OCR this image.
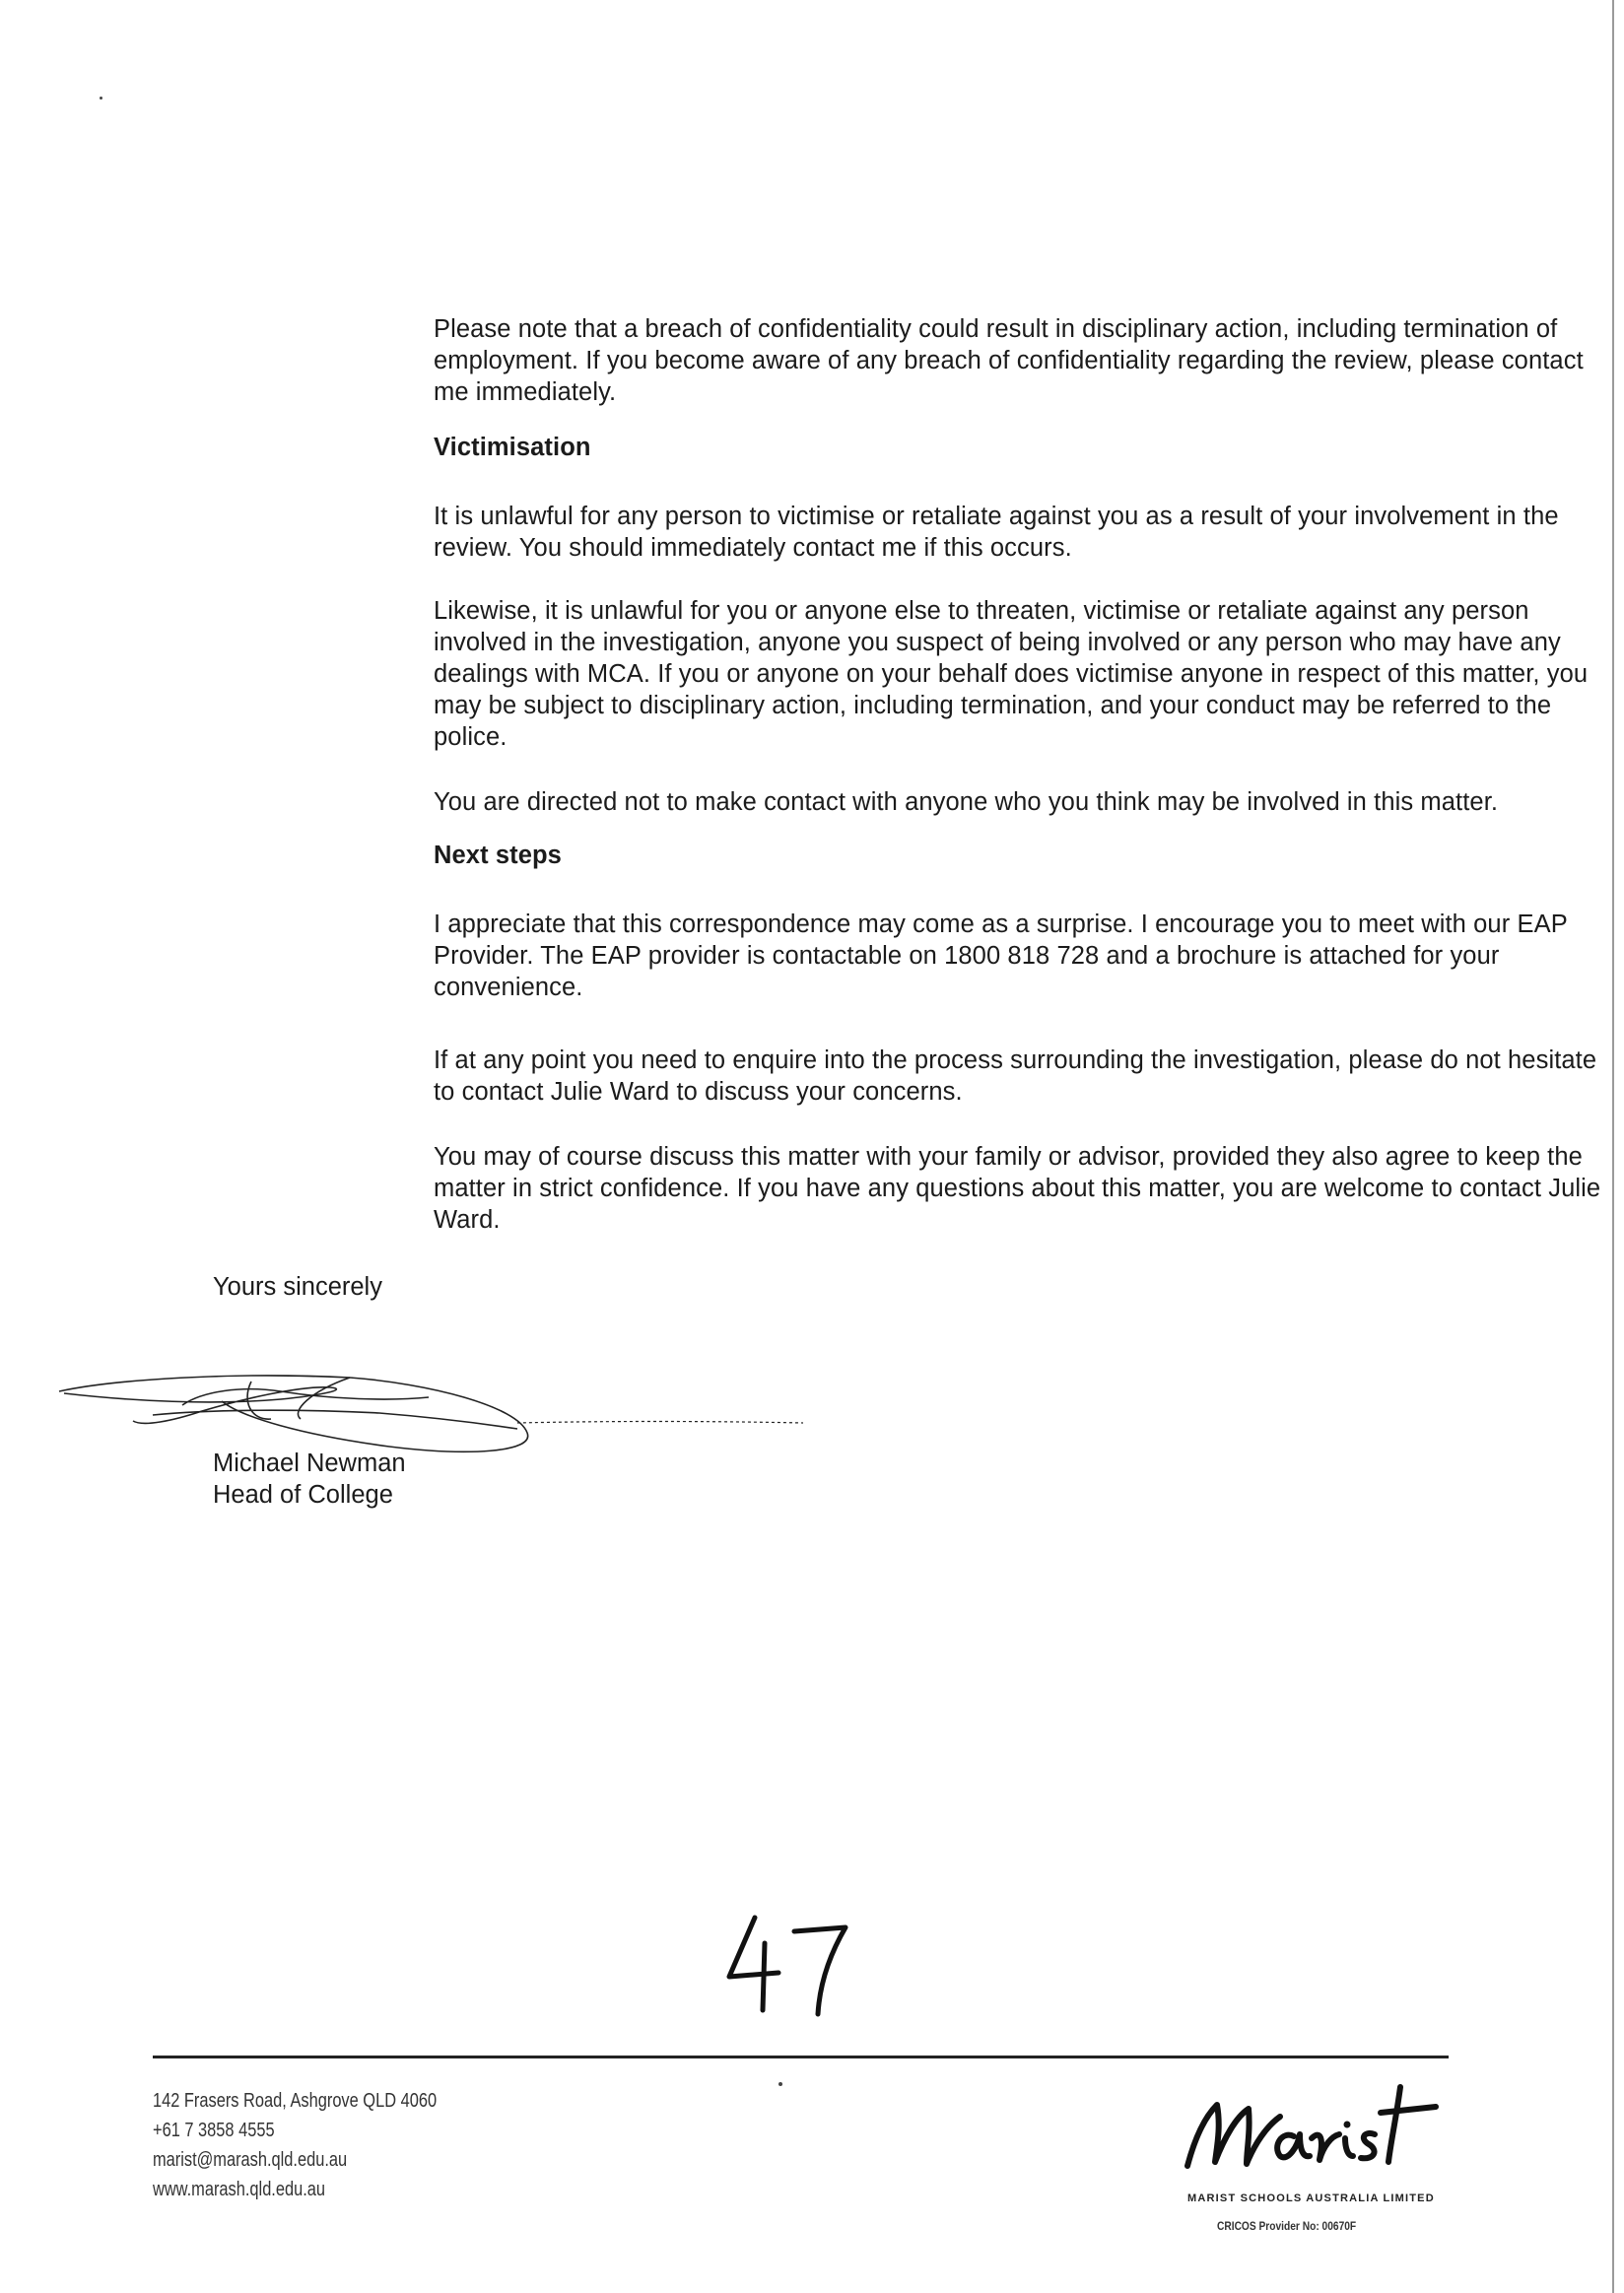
Please note that a breach of confidentiality could result in disciplinary action, including termination of employment. If you become aware of any breach of confidentiality regarding the review, please contact me immediately.

Victimisation

It is unlawful for any person to victimise or retaliate against you as a result of your involvement in the review. You should immediately contact me if this occurs.

Likewise, it is unlawful for you or anyone else to threaten, victimise or retaliate against any person involved in the investigation, anyone you suspect of being involved or any person who may have any dealings with MCA. If you or anyone on your behalf does victimise anyone in respect of this matter, you may be subject to disciplinary action, including termination, and your conduct may be referred to the police.

You are directed not to make contact with anyone who you think may be involved in this matter.

Next steps

I appreciate that this correspondence may come as a surprise. I encourage you to meet with our EAP Provider. The EAP provider is contactable on 1800 818 728 and a brochure is attached for your convenience.

If at any point you need to enquire into the process surrounding the investigation, please do not hesitate to contact Julie Ward to discuss your concerns.

You may of course discuss this matter with your family or advisor, provided they also agree to keep the matter in strict confidence. If you have any questions about this matter, you are welcome to contact Julie Ward.

Yours sincerely
Michael Newman
Head of College
142 Frasers Road, Ashgrove QLD 4060
+61 7 3858 4555
marist@marash.qld.edu.au
www.marash.qld.edu.au	MARIST SCHOOLS AUSTRALIA LIMITED
CRICOS Provider No: 00670F
